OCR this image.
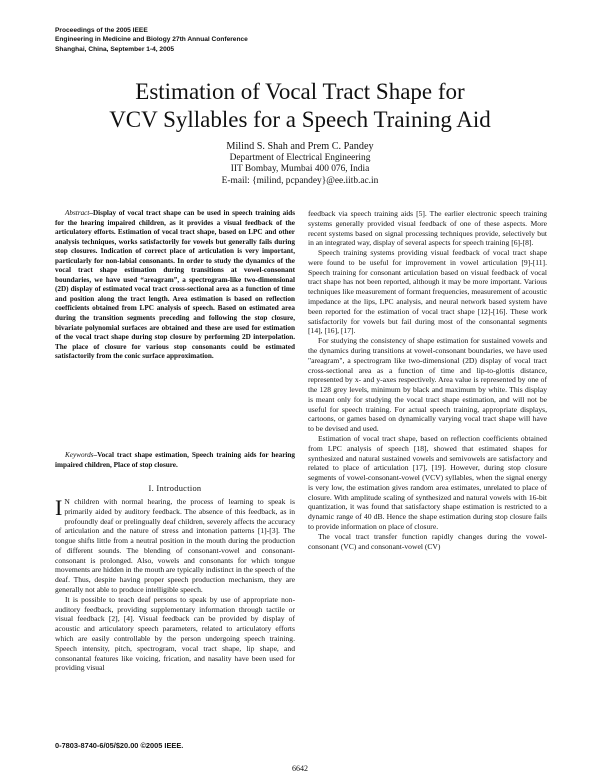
Proceedings of the 2005 IEEE
Engineering in Medicine and Biology 27th Annual Conference
Shanghai, China, September 1-4, 2005
Estimation of Vocal Tract Shape for
VCV Syllables for a Speech Training Aid
Milind S. Shah and Prem C. Pandey
Department of Electrical Engineering
IIT Bombay, Mumbai 400 076, India
E-mail: {milind, pcpandey}@ee.iitb.ac.in

Abstract–Display of vocal tract shape can be used in speech training aids for the hearing impaired children, as it provides a visual feedback of the articulatory efforts. Estimation of vocal tract shape, based on LPC and other analysis techniques, works satisfactorily for vowels but generally fails during stop closures. Indication of correct place of articulation is very important, particularly for non-labial consonants. In order to study the dynamics of the vocal tract shape estimation during transitions at vowel-consonant boundaries, we have used “areagram”, a spectrogram-like two-dimensional (2D) display of estimated vocal tract cross-sectional area as a function of time and position along the tract length. Area estimation is based on reflection coefficients obtained from LPC analysis of speech. Based on estimated area during the transition segments preceding and following the stop closure, bivariate polynomial surfaces are obtained and these are used for estimation of the vocal tract shape during stop closure by performing 2D interpolation. The place of closure for various stop consonants could be estimated satisfactorily from the conic surface approximation.

Keywords–Vocal tract shape estimation, Speech training aids for hearing impaired children, Place of stop closure.

I. Introduction

I N children with normal hearing, the process of learning to speak is primarily aided by auditory feedback. The absence of this feedback, as in profoundly deaf or prelingually deaf children, severely affects the accuracy of articulation and the nature of stress and intonation patterns [1]-[3]. The tongue shifts little from a neutral position in the mouth during the production of different sounds. The blending of consonant-vowel and consonant-consonant is prolonged. Also, vowels and consonants for which tongue movements are hidden in the mouth are typically indistinct in the speech of the deaf. Thus, despite having proper speech production mechanism, they are generally not able to produce intelligible speech.

It is possible to teach deaf persons to speak by use of appropriate non-auditory feedback, providing supplementary information through tactile or visual feedback [2], [4]. Visual feedback can be provided by display of acoustic and articulatory speech parameters, related to articulatory efforts which are easily controllable by the person undergoing speech training. Speech intensity, pitch, spectrogram, vocal tract shape, lip shape, and consonantal features like voicing, frication, and nasality have been used for providing visual

feedback via speech training aids [5]. The earlier electronic speech training systems generally provided visual feedback of one of these aspects. More recent systems based on signal processing techniques provide, selectively but in an integrated way, display of several aspects for speech training [6]-[8].

Speech training systems providing visual feedback of vocal tract shape were found to be useful for improvement in vowel articulation [9]-[11]. Speech training for consonant articulation based on visual feedback of vocal tract shape has not been reported, although it may be more important. Various techniques like measurement of formant frequencies, measurement of acoustic impedance at the lips, LPC analysis, and neural network based system have been reported for the estimation of vocal tract shape [12]-[16]. These work satisfactorily for vowels but fail during most of the consonantal segments [14], [16], [17].

For studying the consistency of shape estimation for sustained vowels and the dynamics during transitions at vowel-consonant boundaries, we have used "areagram", a spectrogram like two-dimensional (2D) display of vocal tract cross-sectional area as a function of time and lip-to-glottis distance, represented by x- and y-axes respectively. Area value is represented by one of the 128 grey levels, minimum by black and maximum by white. This display is meant only for studying the vocal tract shape estimation, and will not be useful for speech training. For actual speech training, appropriate displays, cartoons, or games based on dynamically varying vocal tract shape will have to be devised and used.

Estimation of vocal tract shape, based on reflection coefficients obtained from LPC analysis of speech [18], showed that estimated shapes for synthesized and natural sustained vowels and semivowels are satisfactory and related to place of articulation [17], [19]. However, during stop closure segments of vowel-consonant-vowel (VCV) syllables, when the signal energy is very low, the estimation gives random area estimates, unrelated to place of closure. With amplitude scaling of synthesized and natural vowels with 16-bit quantization, it was found that satisfactory shape estimation is restricted to a dynamic range of 40 dB. Hence the shape estimation during stop closure fails to provide information on place of closure.

The vocal tract transfer function rapidly changes during the vowel-consonant (VC) and consonant-vowel (CV)

0-7803-8740-6/05/$20.00 ©2005 IEEE.
6642
